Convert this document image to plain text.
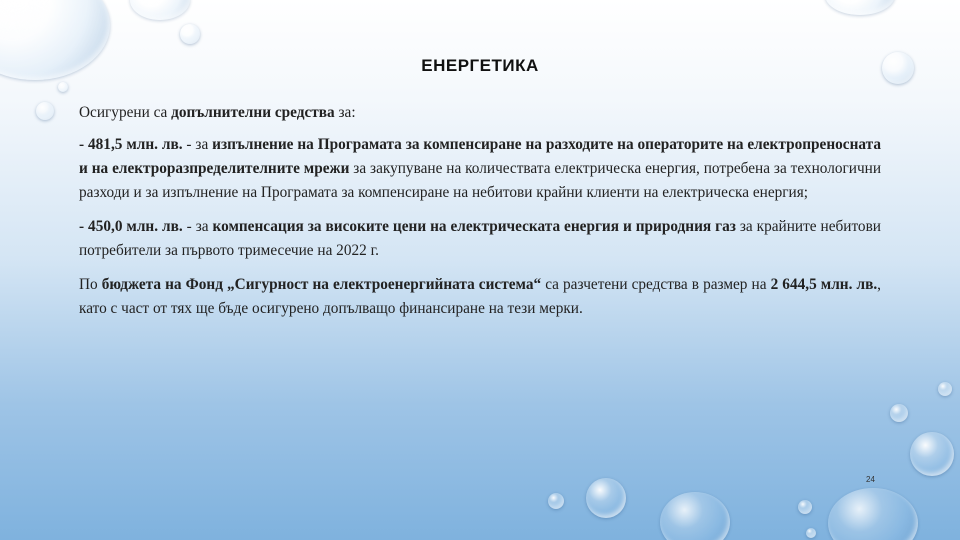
ЕНЕРГЕТИКА

Осигурени са допълнителни средства за:

- 481,5 млн. лв. - за изпълнение на Програмата за компенсиране на разходите на операторите на електропреносната и на електроразпределителните мрежи за закупуване на количествата електрическа енергия, потребена за технологични разходи и за изпълнение на Програмата за компенсиране на небитови крайни клиенти на електрическа енергия;

- 450,0 млн. лв. - за компенсация за високите цени на електрическата енергия и природния газ за крайните небитови потребители за първото тримесечие на 2022 г.

По бюджета на Фонд „Сигурност на електроенергийната система“ са разчетени средства в размер на 2 644,5 млн. лв., като с част от тях ще бъде осигурено допълващо финансиране на тези мерки.

24
